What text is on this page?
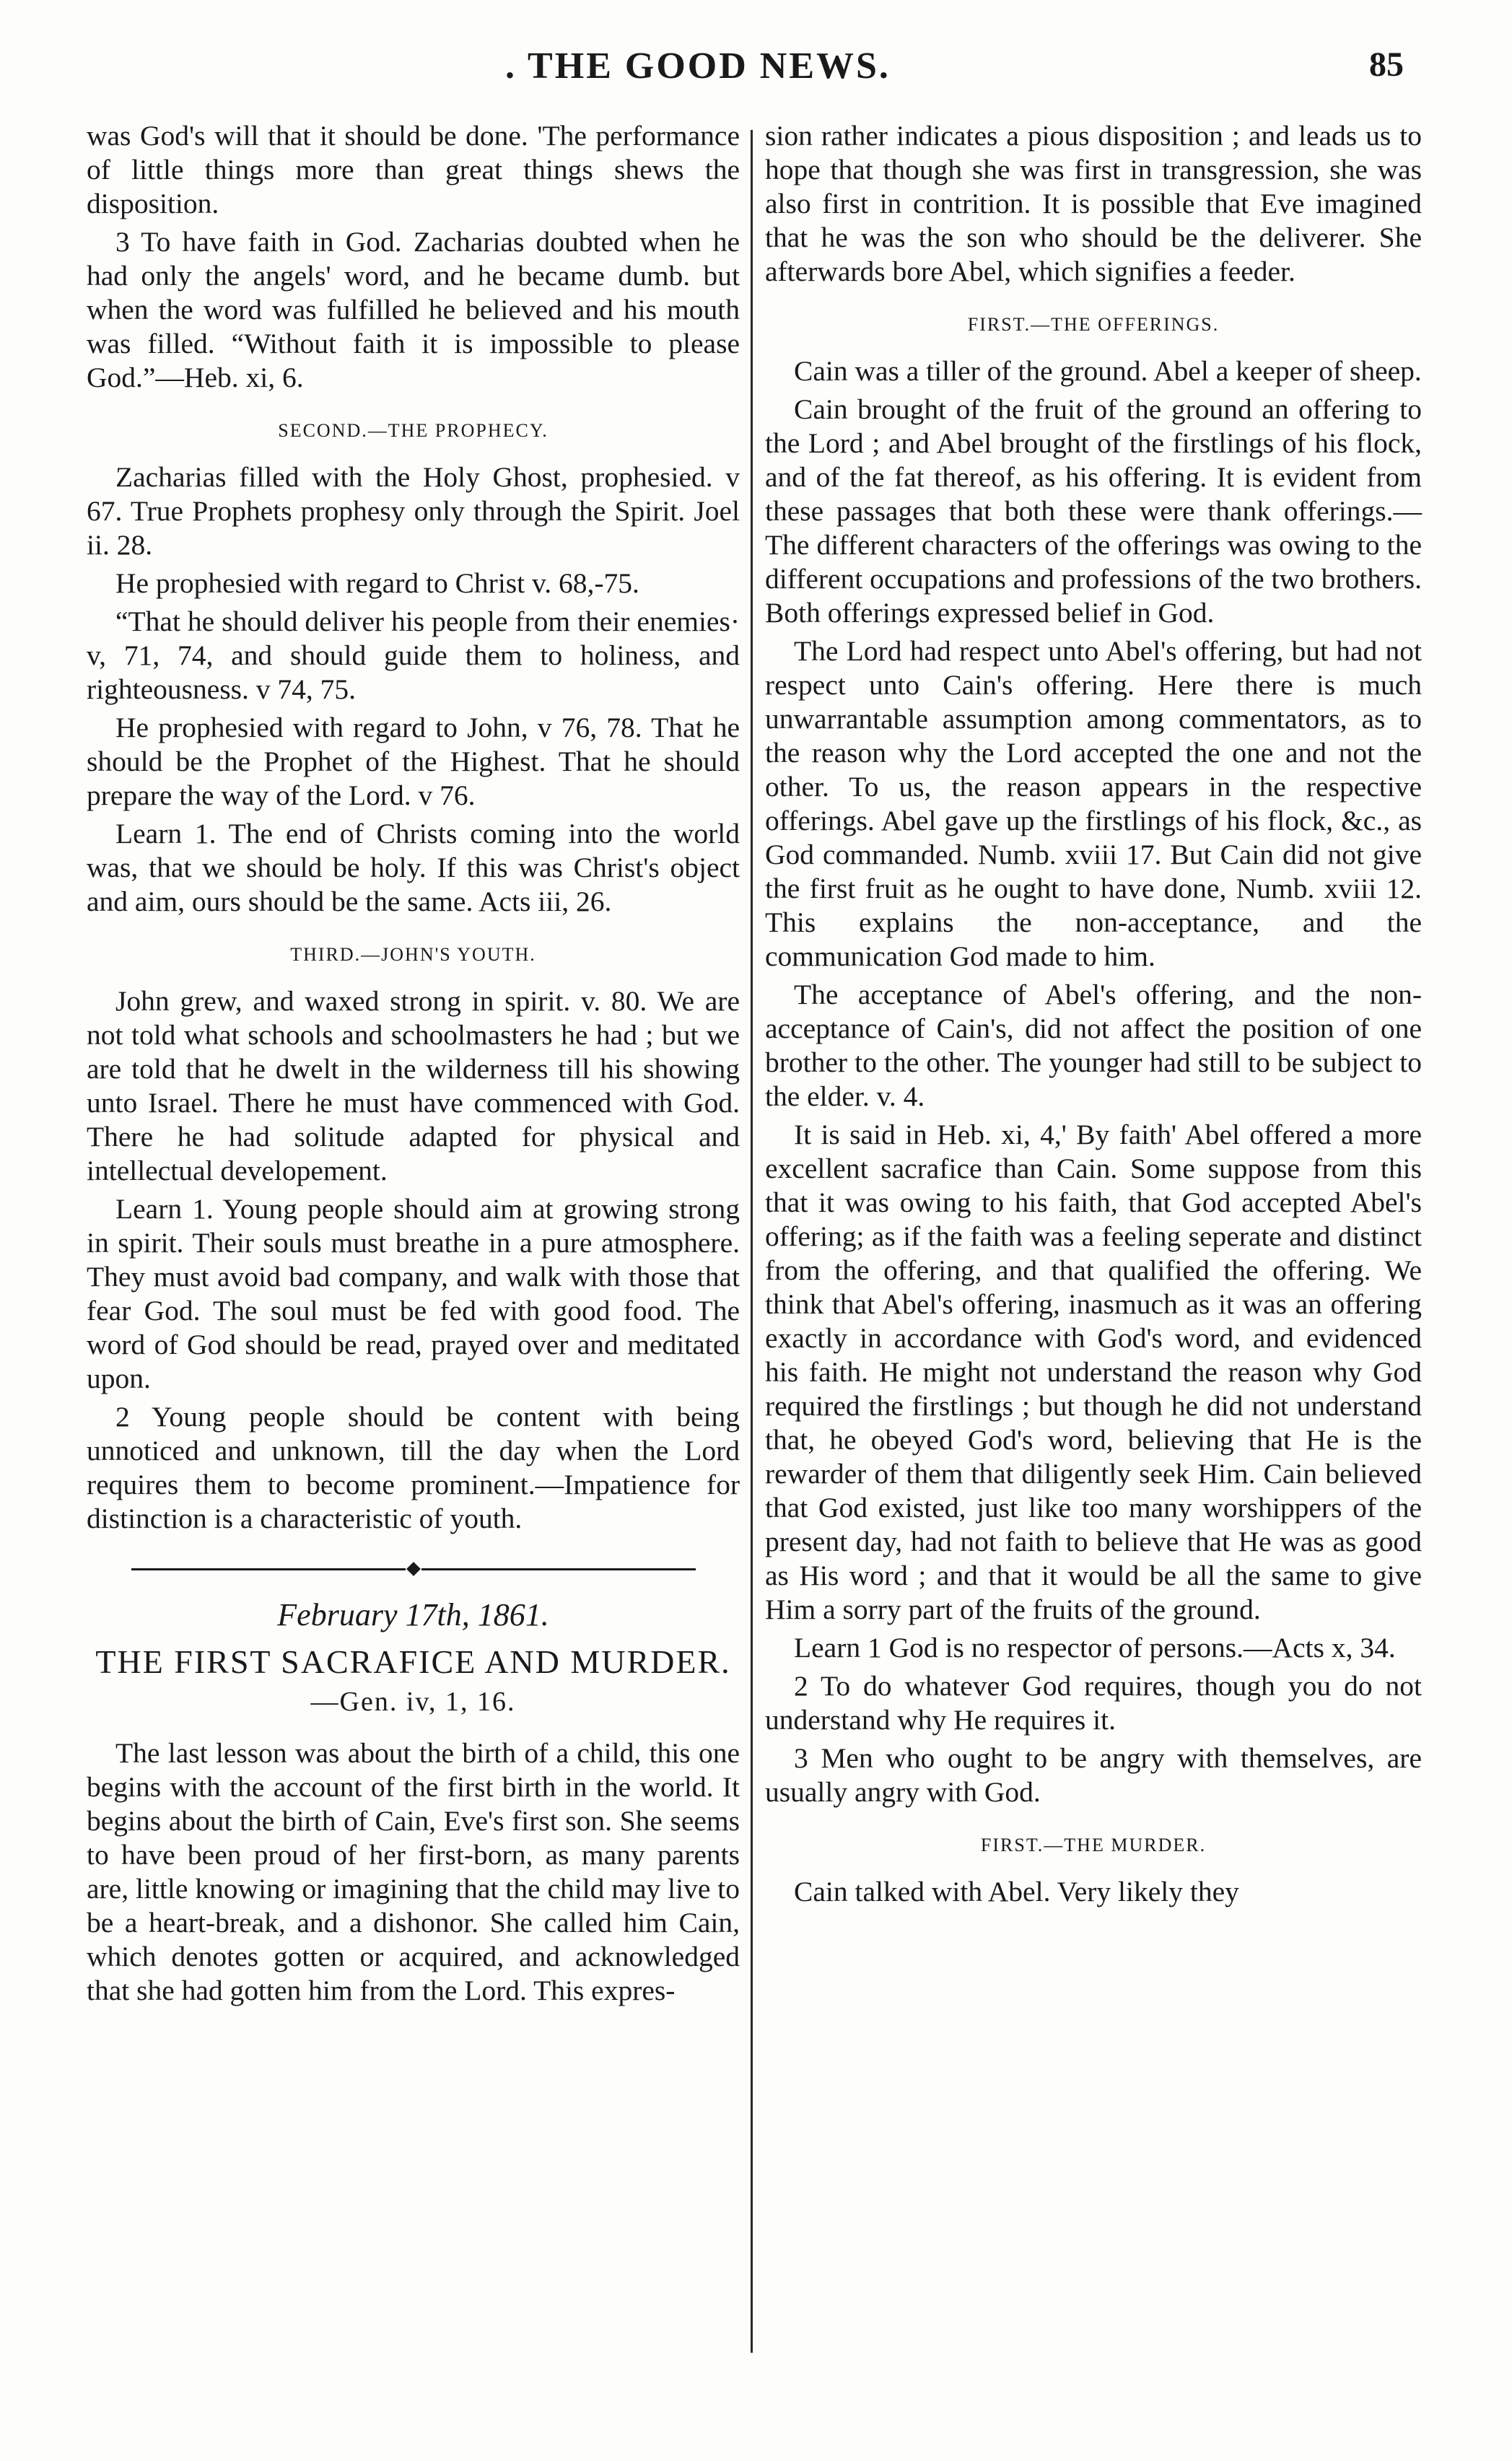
. THE GOOD NEWS.	85

was God's will that it should be done. 'The performance of little things more than great things shews the disposition.

3 To have faith in God. Zacharias doubted when he had only the angels' word, and he became dumb. but when the word was fulfilled he believed and his mouth was filled. “Without faith it is impossible to please God.”—Heb. xi, 6.

SECOND.—THE PROPHECY.

Zacharias filled with the Holy Ghost, prophesied. v 67. True Prophets prophesy only through the Spirit. Joel ii. 28.

He prophesied with regard to Christ v. 68,-75.

“That he should deliver his people from their enemies· v, 71, 74, and should guide them to holiness, and righteousness. v 74, 75.

He prophesied with regard to John, v 76, 78. That he should be the Prophet of the Highest. That he should prepare the way of the Lord. v 76.

Learn 1. The end of Christs coming into the world was, that we should be holy. If this was Christ's object and aim, ours should be the same. Acts iii, 26.

THIRD.—JOHN'S YOUTH.

John grew, and waxed strong in spirit. v. 80. We are not told what schools and schoolmasters he had ; but we are told that he dwelt in the wilderness till his showing unto Israel. There he must have commenced with God. There he had solitude adapted for physical and intellectual developement.

Learn 1. Young people should aim at growing strong in spirit. Their souls must breathe in a pure atmosphere. They must avoid bad company, and walk with those that fear God. The soul must be fed with good food. The word of God should be read, prayed over and meditated upon.

2 Young people should be content with being unnoticed and unknown, till the day when the Lord requires them to become prominent.—Impatience for distinction is a characteristic of youth.

February 17th, 1861.
THE FIRST SACRAFICE AND MURDER. —Gen. iv, 1, 16.

The last lesson was about the birth of a child, this one begins with the account of the first birth in the world. It begins about the birth of Cain, Eve's first son. She seems to have been proud of her first-born, as many parents are, little knowing or imagining that the child may live to be a heart-break, and a dishonor. She called him Cain, which denotes gotten or acquired, and acknowledged that she had gotten him from the Lord. This expres-

sion rather indicates a pious disposition ; and leads us to hope that though she was first in transgression, she was also first in contrition. It is possible that Eve imagined that he was the son who should be the deliverer. She afterwards bore Abel, which signifies a feeder.

FIRST.—THE OFFERINGS.

Cain was a tiller of the ground. Abel a keeper of sheep.

Cain brought of the fruit of the ground an offering to the Lord ; and Abel brought of the firstlings of his flock, and of the fat thereof, as his offering. It is evident from these passages that both these were thank offerings.—The different characters of the offerings was owing to the different occupations and professions of the two brothers. Both offerings expressed belief in God.

The Lord had respect unto Abel's offering, but had not respect unto Cain's offering. Here there is much unwarrantable assumption among commentators, as to the reason why the Lord accepted the one and not the other. To us, the reason appears in the respective offerings. Abel gave up the firstlings of his flock, &c., as God commanded. Numb. xviii 17. But Cain did not give the first fruit as he ought to have done, Numb. xviii 12. This explains the non-acceptance, and the communication God made to him.

The acceptance of Abel's offering, and the non-acceptance of Cain's, did not affect the position of one brother to the other. The younger had still to be subject to the elder. v. 4.

It is said in Heb. xi, 4,' By faith' Abel offered a more excellent sacrafice than Cain. Some suppose from this that it was owing to his faith, that God accepted Abel's offering; as if the faith was a feeling seperate and distinct from the offering, and that qualified the offering. We think that Abel's offering, inasmuch as it was an offering exactly in accordance with God's word, and evidenced his faith. He might not understand the reason why God required the firstlings ; but though he did not understand that, he obeyed God's word, believing that He is the rewarder of them that diligently seek Him. Cain believed that God existed, just like too many worshippers of the present day, had not faith to believe that He was as good as His word ; and that it would be all the same to give Him a sorry part of the fruits of the ground.

Learn 1 God is no respector of persons.—Acts x, 34.

2 To do whatever God requires, though you do not understand why He requires it.

3 Men who ought to be angry with themselves, are usually angry with God.

FIRST.—THE MURDER.

Cain talked with Abel. Very likely they
